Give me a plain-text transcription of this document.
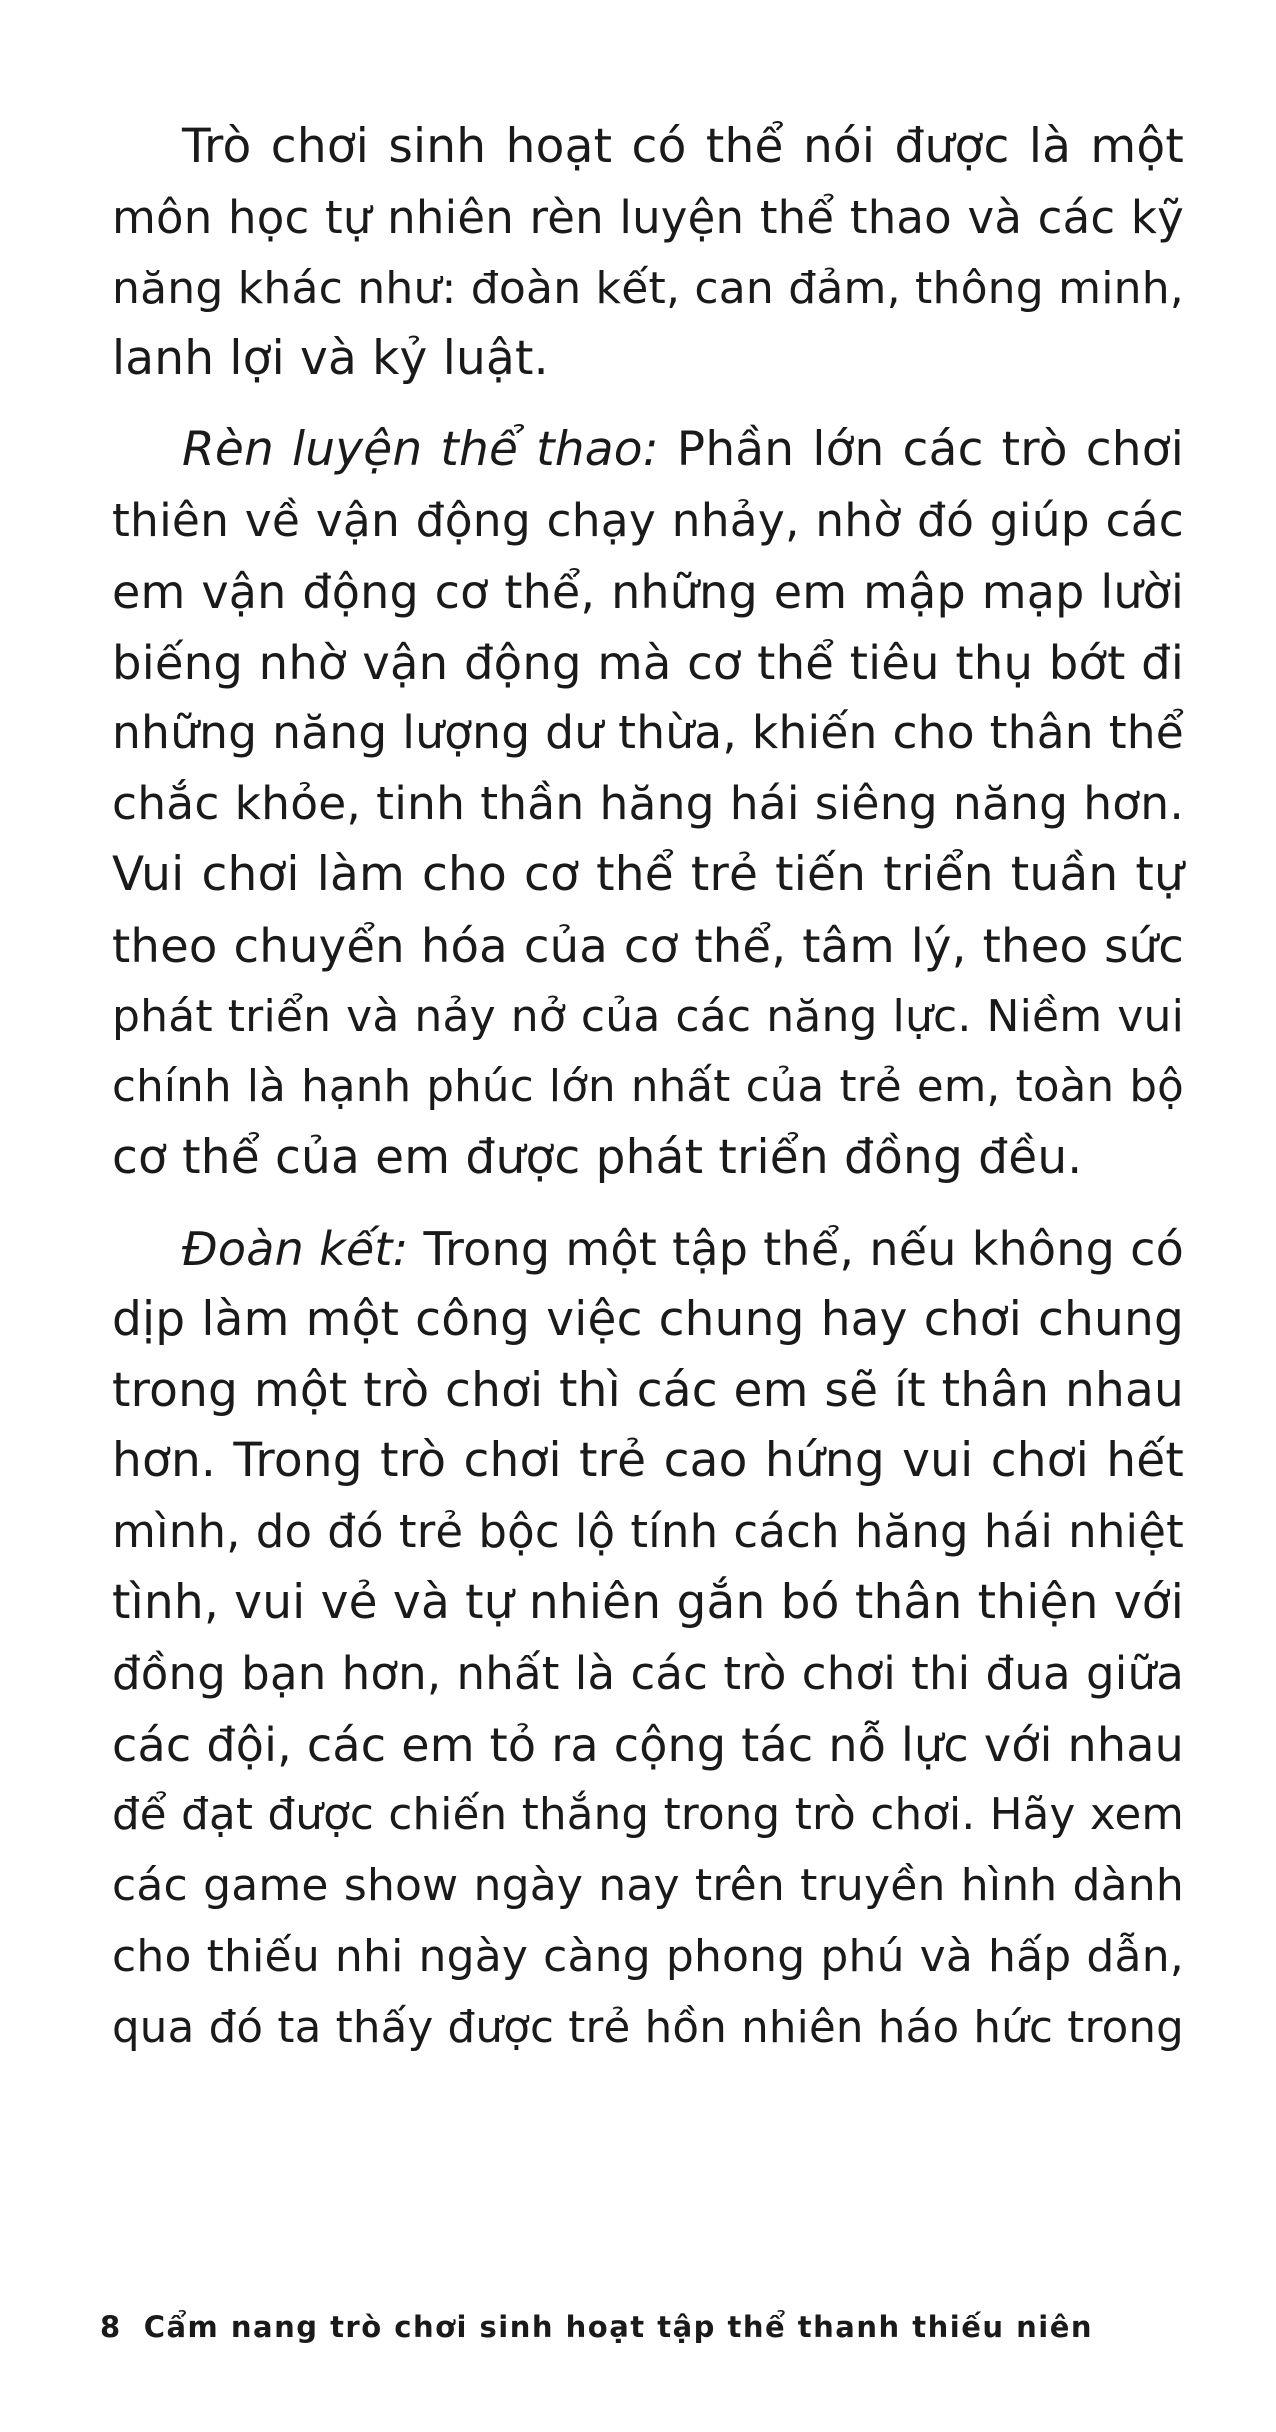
Trò chơi sinh hoạt có thể nói được là một
môn học tự nhiên rèn luyện thể thao và các kỹ
năng khác như: đoàn kết, can đảm, thông minh,
lanh lợi và kỷ luật.
Rèn luyện thể thao: Phần lớn các trò chơi
thiên về vận động chạy nhảy, nhờ đó giúp các
em vận động cơ thể, những em mập mạp lười
biếng nhờ vận động mà cơ thể tiêu thụ bớt đi
những năng lượng dư thừa, khiến cho thân thể
chắc khỏe, tinh thần hăng hái siêng năng hơn.
Vui chơi làm cho cơ thể trẻ tiến triển tuần tự
theo chuyển hóa của cơ thể, tâm lý, theo sức
phát triển và nảy nở của các năng lực. Niềm vui
chính là hạnh phúc lớn nhất của trẻ em, toàn bộ
cơ thể của em được phát triển đồng đều.
Đoàn kết: Trong một tập thể, nếu không có
dịp làm một công việc chung hay chơi chung
trong một trò chơi thì các em sẽ ít thân nhau
hơn. Trong trò chơi trẻ cao hứng vui chơi hết
mình, do đó trẻ bộc lộ tính cách hăng hái nhiệt
tình, vui vẻ và tự nhiên gắn bó thân thiện với
đồng bạn hơn, nhất là các trò chơi thi đua giữa
các đội, các em tỏ ra cộng tác nỗ lực với nhau
để đạt được chiến thắng trong trò chơi. Hãy xem
các game show ngày nay trên truyền hình dành
cho thiếu nhi ngày càng phong phú và hấp dẫn,
qua đó ta thấy được trẻ hồn nhiên háo hức trong
8 Cẩm nang trò chơi sinh hoạt tập thể thanh thiếu niên
